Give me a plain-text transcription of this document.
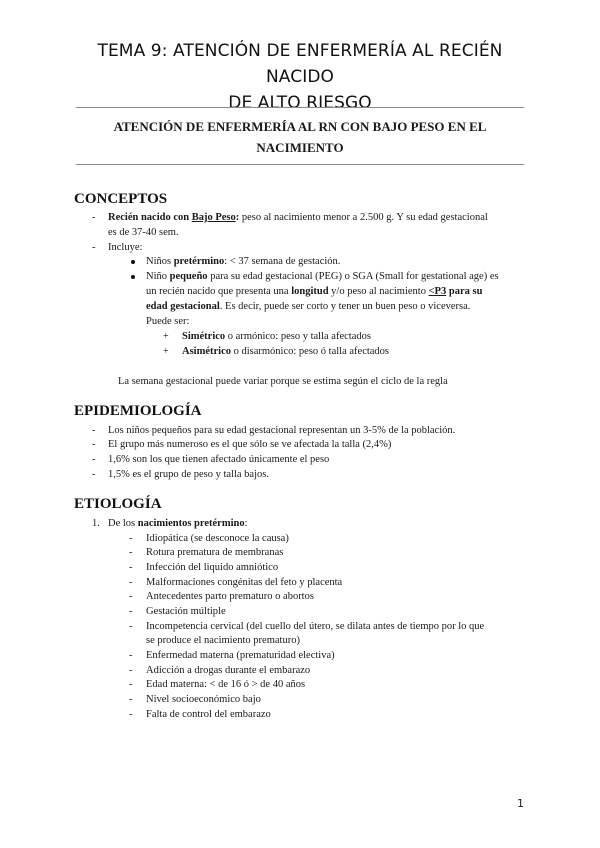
TEMA 9: ATENCIÓN DE ENFERMERÍA AL RECIÉN NACIDO
DE ALTO RIESGO
ATENCIÓN DE ENFERMERÍA AL RN CON BAJO PESO EN EL
NACIMIENTO
CONCEPTOS
- Recién nacido con Bajo Peso: peso al nacimiento menor a 2.500 g. Y su edad gestacional
es de 37-40 sem.
- Incluye:
Niños pretérmino: < 37 semana de gestación.
Niño pequeño para su edad gestacional (PEG) o SGA (Small for gestational age) es
un recién nacido que presenta una longitud y/o peso al nacimiento <P3 para su
edad gestacional. Es decir, puede ser corto y tener un buen peso o viceversa.
Puede ser:
+ Simétrico o armónico: peso y talla afectados
+ Asimétrico o disarmónico: peso ó talla afectados
La semana gestacional puede variar porque se estima según el ciclo de la regla
EPIDEMIOLOGÍA
- Los niños pequeños para su edad gestacional representan un 3-5% de la población.
- El grupo más numeroso es el que sólo se ve afectada la talla (2,4%)
- 1,6% son los que tienen afectado únicamente el peso
- 1,5% es el grupo de peso y talla bajos.
ETIOLOGÍA
1. De los nacimientos pretérmino:
- Idiopática (se desconoce la causa)
- Rotura prematura de membranas
- Infección del liquido amniótico
- Malformaciones congénitas del feto y placenta
- Antecedentes parto prematuro o abortos
- Gestación múltiple
- Incompetencia cervical (del cuello del útero, se dilata antes de tiempo por lo que
se produce el nacimiento prematuro)
- Enfermedad materna (prematuridad electiva)
- Adicción a drogas durante el embarazo
- Edad materna: < de 16 ó > de 40 años
- Nivel socioeconómico bajo
- Falta de control del embarazo
1
